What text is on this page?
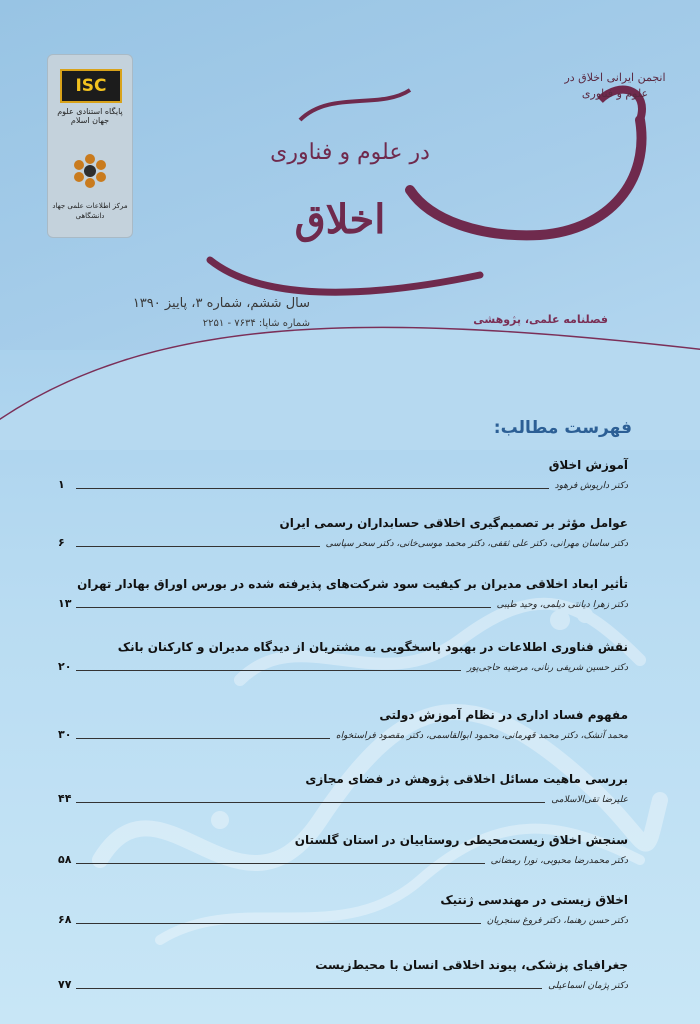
ISC
پایگاه استنادی علوم جهان اسلام
مرکز اطلاعات علمی جهاد دانشگاهی
در علوم و فناوری
اخلاق
انجمن ایرانی اخلاق در علوم و فناوری
فصلنامه علمی، پژوهشی
سال ششم، شماره ۳، پاییز ۱۳۹۰
شماره شاپا: ۷۶۳۴ - ۲۲۵۱
فهرست مطالب:
آموزش اخلاق
دکتر داریوش فرهود
۱
عوامل مؤثر بر تصمیم‌گیری اخلاقی حسابداران رسمی ایران
دکتر ساسان مهرانی، دکتر علی ثقفی، دکتر محمد موسی‌خانی، دکتر سحر سپاسی
۶
تأثیر ابعاد اخلاقی مدیران بر کیفیت سود شرکت‌های پذیرفته شده در بورس اوراق بهادار تهران
دکتر زهرا دیانتی دیلمی، وحید طیبی
۱۳
نقش فناوری اطلاعات در بهبود پاسخگویی به مشتریان از دیدگاه مدیران و کارکنان بانک
دکتر حسین شریفی رنانی، مرضیه حاجی‌پور
۲۰
مفهوم فساد اداری در نظام آموزش دولتی
محمد آتشک، دکتر محمد قهرمانی، محمود ابوالقاسمی، دکتر مقصود فراستخواه
۳۰
بررسی ماهیت مسائل اخلاقی پژوهش در فضای مجازی
علیرضا تقی‌الاسلامی
۴۴
سنجش اخلاق زیست‌محیطی روستاییان در استان گلستان
دکتر محمدرضا محبوبی، نورا رمضانی
۵۸
اخلاق زیستی در مهندسی ژنتیک
دکتر حسن رهنما، دکتر فروغ سنجریان
۶۸
جغرافیای پزشکی، پیوند اخلاقی انسان با محیط‌زیست
دکتر پژمان اسماعیلی
۷۷
